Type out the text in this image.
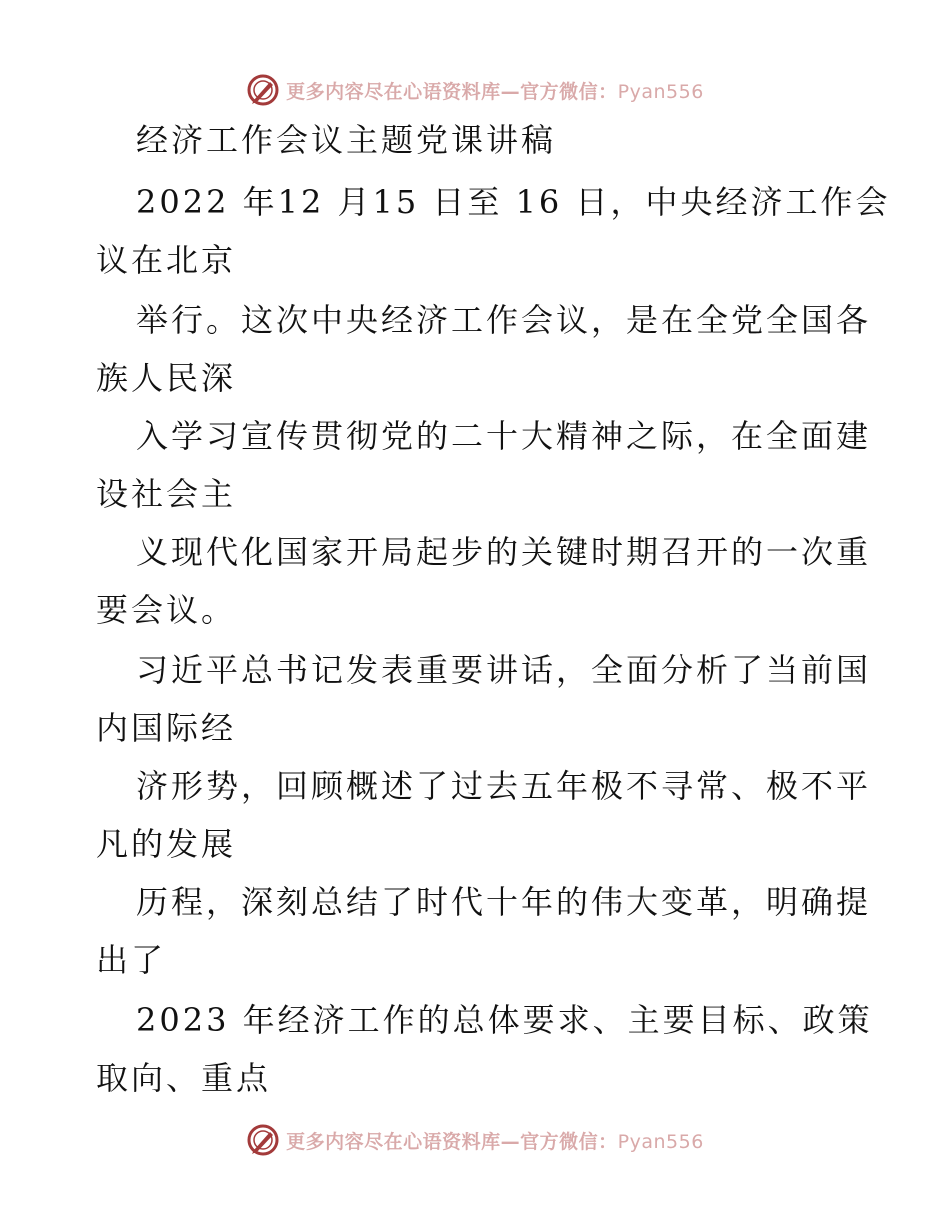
更多内容尽在心语资料库—官方微信：Pyan556
经济工作会议主题党课讲稿
2022 年12 月15 日至 16 日，中央经济工作会
议在北京
举行。这次中央经济工作会议，是在全党全国各
族人民深
入学习宣传贯彻党的二十大精神之际，在全面建
设社会主
义现代化国家开局起步的关键时期召开的一次重
要会议。
习近平总书记发表重要讲话，全面分析了当前国
内国际经
济形势，回顾概述了过去五年极不寻常、极不平
凡的发展
历程，深刻总结了时代十年的伟大变革，明确提
出了
2023 年经济工作的总体要求、主要目标、政策
取向、重点
更多内容尽在心语资料库—官方微信：Pyan556
